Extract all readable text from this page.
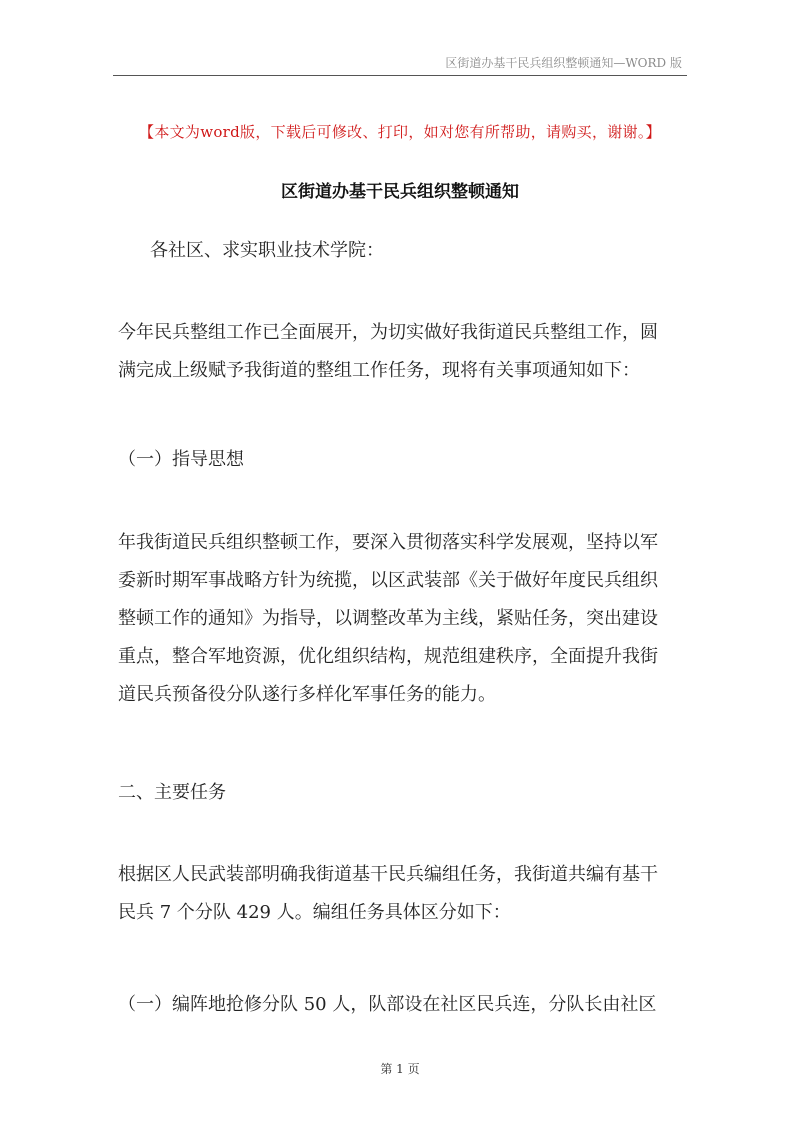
区街道办基干民兵组织整顿通知—WORD 版
【本文为word版，下载后可修改、打印，如对您有所帮助，请购买，谢谢。】
区街道办基干民兵组织整顿通知
各社区、求实职业技术学院：
今年民兵整组工作已全面展开，为切实做好我街道民兵整组工作，圆
满完成上级赋予我街道的整组工作任务，现将有关事项通知如下：
（一）指导思想
年我街道民兵组织整顿工作，要深入贯彻落实科学发展观，坚持以军
委新时期军事战略方针为统揽，以区武装部《关于做好年度民兵组织
整顿工作的通知》为指导，以调整改革为主线，紧贴任务，突出建设
重点，整合军地资源，优化组织结构，规范组建秩序，全面提升我街
道民兵预备役分队遂行多样化军事任务的能力。
二、主要任务
根据区人民武装部明确我街道基干民兵编组任务，我街道共编有基干
民兵 7 个分队 429 人。编组任务具体区分如下：
（一）编阵地抢修分队 50 人，队部设在社区民兵连，分队长由社区
第 1 页
